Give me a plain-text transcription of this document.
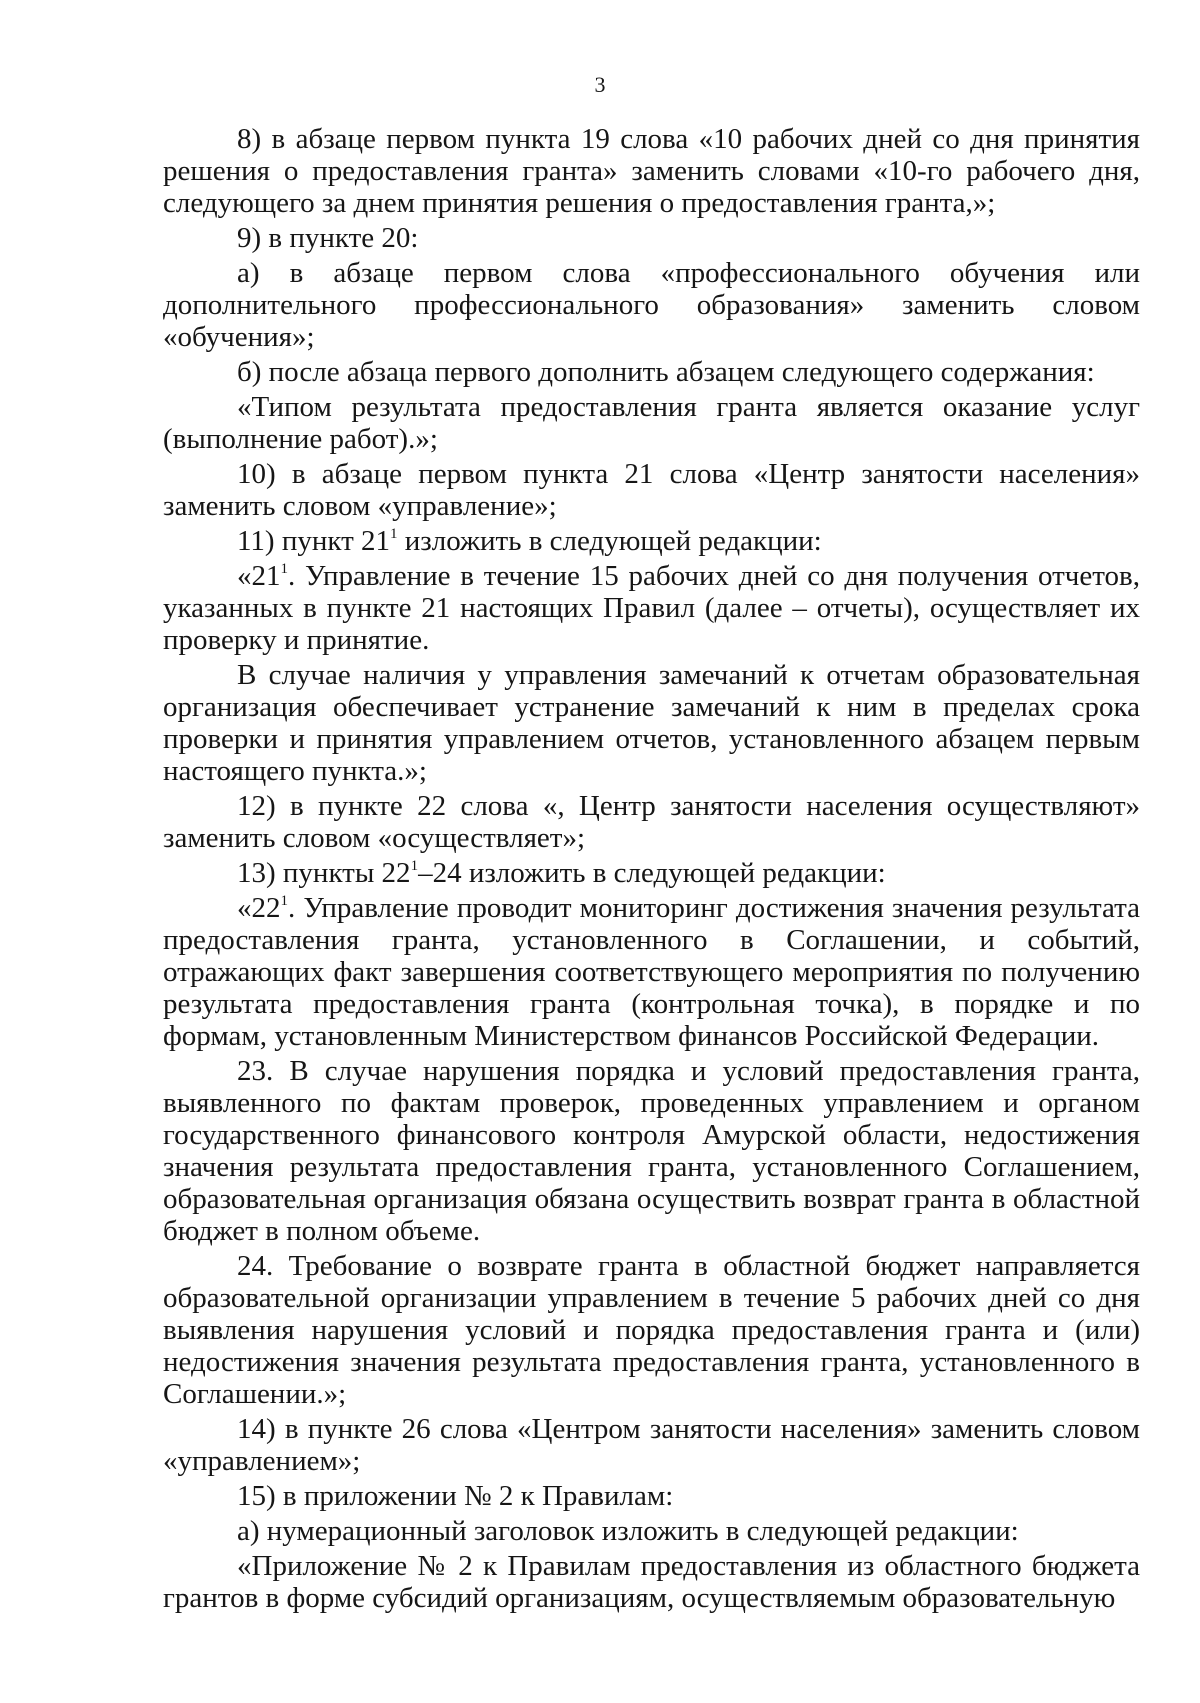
3

8) в абзаце первом пункта 19 слова «10 рабочих дней со дня принятия решения о предоставления гранта» заменить словами «10-го рабочего дня, следующего за днем принятия решения о предоставления гранта,»;

9) в пункте 20:

а) в абзаце первом слова «профессионального обучения или дополнительного профессионального образования» заменить словом «обучения»;

б) после абзаца первого дополнить абзацем следующего содержания:

«Типом результата предоставления гранта является оказание услуг (выполнение работ).»;

10) в абзаце первом пункта 21 слова «Центр занятости населения» заменить словом «управление»;

11) пункт $21^1$ изложить в следующей редакции:

«$21^1$. Управление в течение 15 рабочих дней со дня получения отчетов, указанных в пункте 21 настоящих Правил (далее – отчеты), осуществляет их проверку и принятие.

В случае наличия у управления замечаний к отчетам образовательная организация обеспечивает устранение замечаний к ним в пределах срока проверки и принятия управлением отчетов, установленного абзацем первым настоящего пункта.»;

12) в пункте 22 слова «, Центр занятости населения осуществляют» заменить словом «осуществляет»;

13) пункты $22^1-24$ изложить в следующей редакции:

«$22^1$. Управление проводит мониторинг достижения значения результата предоставления гранта, установленного в Соглашении, и событий, отражающих факт завершения соответствующего мероприятия по получению результата предоставления гранта (контрольная точка), в порядке и по формам, установленным Министерством финансов Российской Федерации.

23. В случае нарушения порядка и условий предоставления гранта, выявленного по фактам проверок, проведенных управлением и органом государственного финансового контроля Амурской области, недостижения значения результата предоставления гранта, установленного Соглашением, образовательная организация обязана осуществить возврат гранта в областной бюджет в полном объеме.

24. Требование о возврате гранта в областной бюджет направляется образовательной организации управлением в течение 5 рабочих дней со дня выявления нарушения условий и порядка предоставления гранта и (или) недостижения значения результата предоставления гранта, установленного в Соглашении.»;

14) в пункте 26 слова «Центром занятости населения» заменить словом «управлением»;

15) в приложении № 2 к Правилам:

а) нумерационный заголовок изложить в следующей редакции:

«Приложение № 2 к Правилам предоставления из областного бюджета грантов в форме субсидий организациям, осуществляемым образовательную
